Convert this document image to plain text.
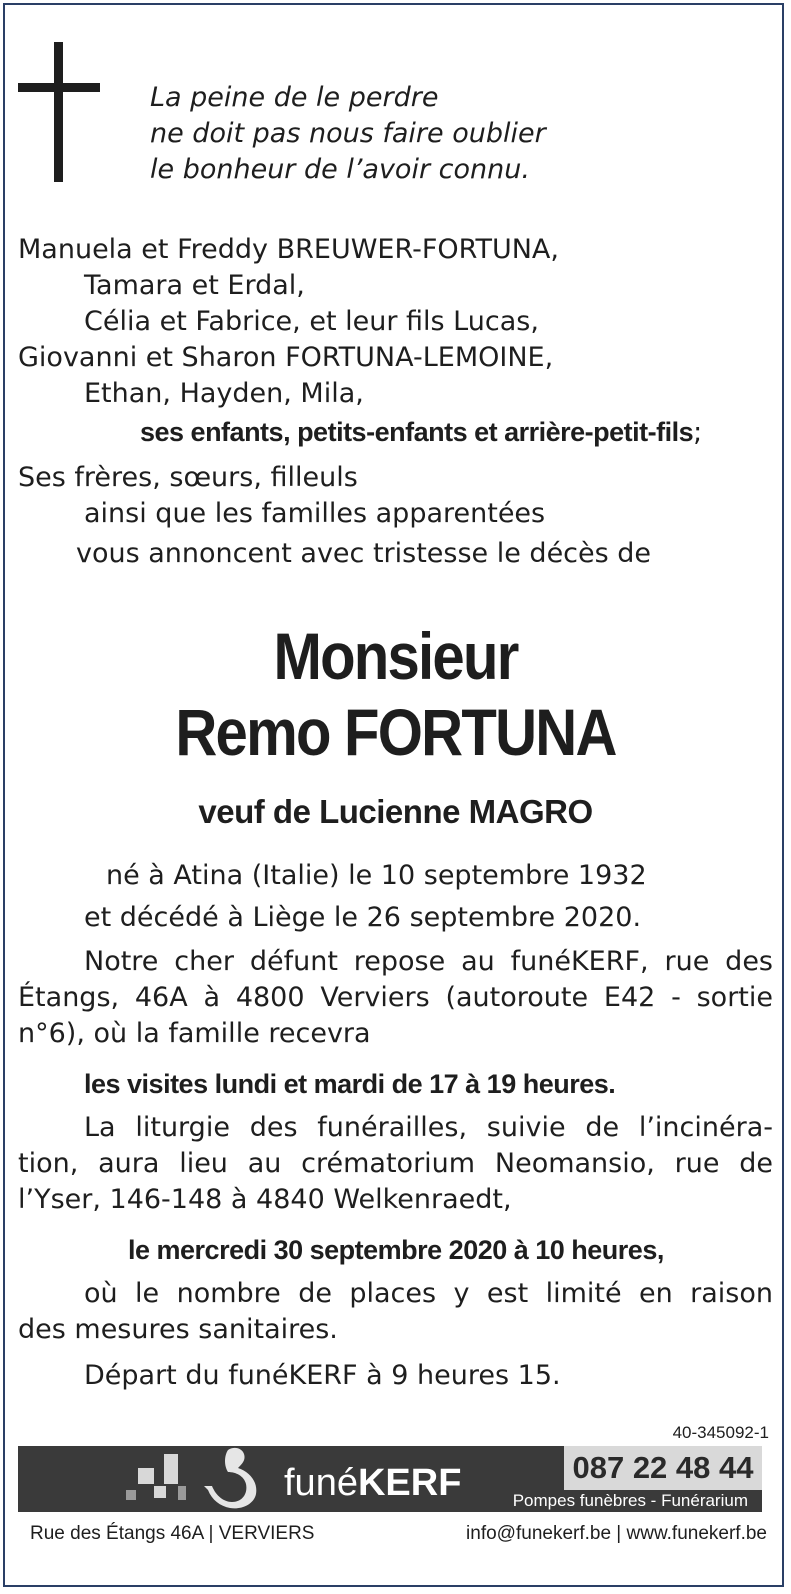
La peine de le perdre
ne doit pas nous faire oublier
le bonheur de l’avoir connu.
Manuela et Freddy BREUWER-FORTUNA,
Tamara et Erdal,
Célia et Fabrice, et leur fils Lucas,
Giovanni et Sharon FORTUNA-LEMOINE,
Ethan, Hayden, Mila,
ses enfants, petits-enfants et arrière-petit-fils;
Ses frères, sœurs, filleuls
ainsi que les familles apparentées
vous annoncent avec tristesse le décès de
Monsieur
Remo FORTUNA
veuf de Lucienne MAGRO
né à Atina (Italie) le 10 septembre 1932
et décédé à Liège le 26 septembre 2020.
Notre cher défunt repose au funéKERF, rue des
Étangs, 46A à 4800 Verviers (autoroute E42 - sortie
n°6), où la famille recevra
les visites lundi et mardi de 17 à 19 heures.
La liturgie des funérailles, suivie de l’incinéra-
tion, aura lieu au crématorium Neomansio, rue de
l’Yser, 146-148 à 4840 Welkenraedt,
le mercredi 30 septembre 2020 à 10 heures,
où le nombre de places y est limité en raison
des mesures sanitaires.
Départ du funéKERF à 9 heures 15.
40-345092-1
funéKERF	087 22 48 44
Pompes funèbres - Funérarium
Rue des Étangs 46A | VERVIERS	info@funekerf.be | www.funekerf.be
